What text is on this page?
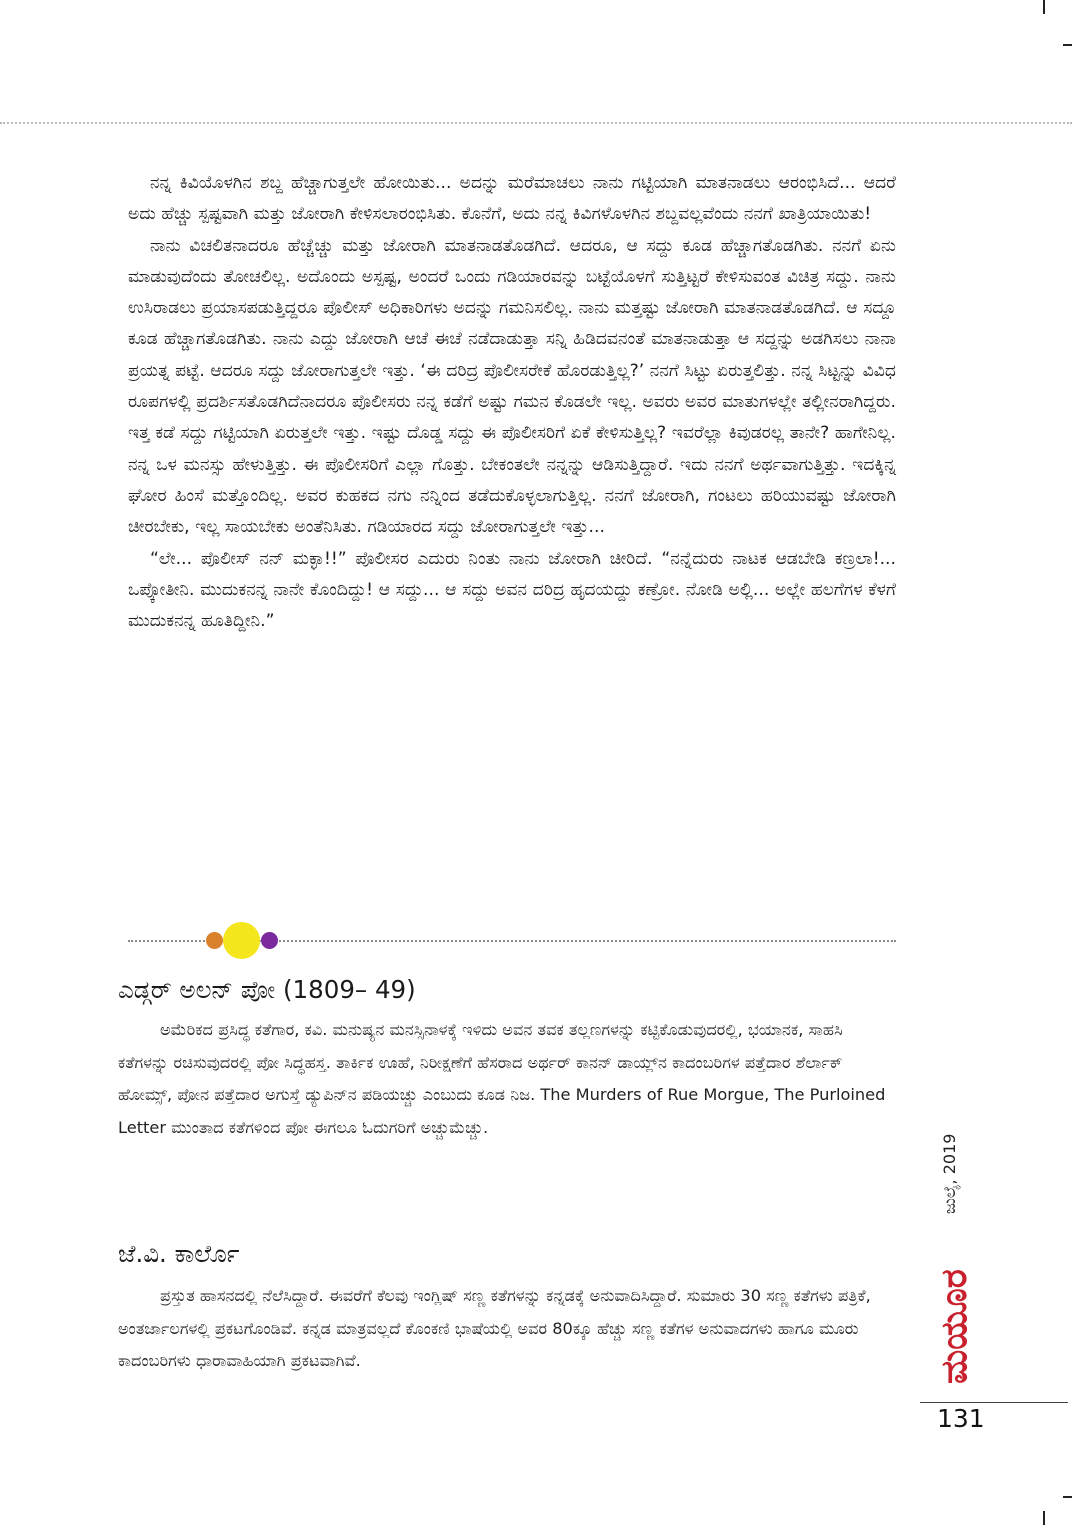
ನನ್ನ ಕಿವಿಯೊಳಗಿನ ಶಬ್ದ ಹೆಚ್ಚಾಗುತ್ತಲೇ ಹೋಯಿತು... ಅದನ್ನು ಮರೆಮಾಚಲು ನಾನು ಗಟ್ಟಿಯಾಗಿ ಮಾತನಾಡಲು ಆರಂಭಿಸಿದೆ... ಆದರೆ ಅದು ಹೆಚ್ಚು ಸ್ಪಷ್ಟವಾಗಿ ಮತ್ತು ಜೋರಾಗಿ ಕೇಳಿಸಲಾರಂಭಿಸಿತು. ಕೊನೆಗೆ, ಅದು ನನ್ನ ಕಿವಿಗಳೊಳಗಿನ ಶಬ್ದವಲ್ಲವೆಂದು ನನಗೆ ಖಾತ್ರಿಯಾಯಿತು!

ನಾನು ವಿಚಲಿತನಾದರೂ ಹೆಚ್ಚೆಚ್ಚು ಮತ್ತು ಜೋರಾಗಿ ಮಾತನಾಡತೊಡಗಿದೆ. ಆದರೂ, ಆ ಸದ್ದು ಕೂಡ ಹೆಚ್ಚಾಗತೊಡಗಿತು. ನನಗೆ ಏನು ಮಾಡುವುದೆಂದು ತೋಚಲಿಲ್ಲ. ಅದೊಂದು ಅಸ್ಪಷ್ಟ, ಅಂದರೆ ಒಂದು ಗಡಿಯಾರವನ್ನು ಬಟ್ಟೆಯೊಳಗೆ ಸುತ್ತಿಟ್ಟರೆ ಕೇಳಿಸುವಂತ ವಿಚಿತ್ರ ಸದ್ದು. ನಾನು ಉಸಿರಾಡಲು ಪ್ರಯಾಸಪಡುತ್ತಿದ್ದರೂ ಪೊಲೀಸ್ ಅಧಿಕಾರಿಗಳು ಅದನ್ನು ಗಮನಿಸಲಿಲ್ಲ. ನಾನು ಮತ್ತಷ್ಟು ಜೋರಾಗಿ ಮಾತನಾಡತೊಡಗಿದೆ. ಆ ಸದ್ದೂ ಕೂಡ ಹೆಚ್ಚಾಗತೊಡಗಿತು. ನಾನು ಎದ್ದು ಜೋರಾಗಿ ಆಚೆ ಈಚೆ ನಡೆದಾಡುತ್ತಾ ಸನ್ನಿ ಹಿಡಿದವನಂತೆ ಮಾತನಾಡುತ್ತಾ ಆ ಸದ್ದನ್ನು ಅಡಗಿಸಲು ನಾನಾ ಪ್ರಯತ್ನ ಪಟ್ಟೆ. ಆದರೂ ಸದ್ದು ಜೋರಾಗುತ್ತಲೇ ಇತ್ತು. ‘ಈ ದರಿದ್ರ ಪೊಲೀಸರೇಕೆ ಹೊರಡುತ್ತಿಲ್ಲ?’ ನನಗೆ ಸಿಟ್ಟು ಏರುತ್ತಲಿತ್ತು. ನನ್ನ ಸಿಟ್ಟನ್ನು ವಿವಿಧ ರೂಪಗಳಲ್ಲಿ ಪ್ರದರ್ಶಿಸತೊಡಗಿದೆನಾದರೂ ಪೊಲೀಸರು ನನ್ನ ಕಡೆಗೆ ಅಷ್ಟು ಗಮನ ಕೊಡಲೇ ಇಲ್ಲ. ಅವರು ಅವರ ಮಾತುಗಳಲ್ಲೇ ತಲ್ಲೀನರಾಗಿದ್ದರು. ಇತ್ತ ಕಡೆ ಸದ್ದು ಗಟ್ಟಿಯಾಗಿ ಏರುತ್ತಲೇ ಇತ್ತು. ಇಷ್ಟು ದೊಡ್ಡ ಸದ್ದು ಈ ಪೊಲೀಸರಿಗೆ ಏಕೆ ಕೇಳಿಸುತ್ತಿಲ್ಲ? ಇವರೆಲ್ಲಾ ಕಿವುಡರಲ್ಲ ತಾನೇ? ಹಾಗೇನಿಲ್ಲ. ನನ್ನ ಒಳ ಮನಸ್ಸು ಹೇಳುತ್ತಿತ್ತು. ಈ ಪೊಲೀಸರಿಗೆ ಎಲ್ಲಾ ಗೊತ್ತು. ಬೇಕಂತಲೇ ನನ್ನನ್ನು ಆಡಿಸುತ್ತಿದ್ದಾರೆ. ಇದು ನನಗೆ ಅರ್ಥವಾಗುತ್ತಿತ್ತು. ಇದಕ್ಕಿನ್ನ ಘೋರ ಹಿಂಸೆ ಮತ್ತೊಂದಿಲ್ಲ. ಅವರ ಕುಹಕದ ನಗು ನನ್ನಿಂದ ತಡೆದುಕೊಳ್ಳಲಾಗುತ್ತಿಲ್ಲ. ನನಗೆ ಜೋರಾಗಿ, ಗಂಟಲು ಹರಿಯುವಷ್ಟು ಜೋರಾಗಿ ಚೀರಬೇಕು, ಇಲ್ಲ ಸಾಯಬೇಕು ಅಂತೆನಿಸಿತು. ಗಡಿಯಾರದ ಸದ್ದು ಜೋರಾಗುತ್ತಲೇ ಇತ್ತು...

“ಲೇ... ಪೊಲೀಸ್ ನನ್ ಮಕ್ಳಾ!!” ಪೊಲೀಸರ ಎದುರು ನಿಂತು ನಾನು ಜೋರಾಗಿ ಚೀರಿದೆ. “ನನ್ನೆದುರು ನಾಟಕ ಆಡಬೇಡಿ ಕಣ್ರಲಾ!... ಒಪ್ಕೋತೀನಿ. ಮುದುಕನನ್ನ ನಾನೇ ಕೊಂದಿದ್ದು! ಆ ಸದ್ದು... ಆ ಸದ್ದು ಅವನ ದರಿದ್ರ ಹೃದಯದ್ದು ಕಣ್ರೋ. ನೋಡಿ ಅಲ್ಲಿ... ಅಲ್ಲೇ ಹಲಗೆಗಳ ಕೆಳಗೆ ಮುದುಕನನ್ನ ಹೂತಿದ್ದೀನಿ.”

ಎಡ್ಗರ್ ಅಲನ್ ಪೋ (1809– 49)

ಅಮೆರಿಕದ ಪ್ರಸಿದ್ಧ ಕತೆಗಾರ, ಕವಿ. ಮನುಷ್ಯನ ಮನಸ್ಸಿನಾಳಕ್ಕೆ ಇಳಿದು ಅವನ ತವಕ ತಲ್ಲಣಗಳನ್ನು ಕಟ್ಟಿಕೊಡುವುದರಲ್ಲಿ, ಭಯಾನಕ, ಸಾಹಸಿ ಕತೆಗಳನ್ನು ರಚಿಸುವುದರಲ್ಲಿ ಪೋ ಸಿದ್ಧಹಸ್ತ. ತಾರ್ಕಿಕ ಊಹೆ, ನಿರೀಕ್ಷಣೆಗೆ ಹೆಸರಾದ ಅರ್ಥರ್ ಕಾನನ್ ಡಾಯ್ಲ್‌ನ ಕಾದಂಬರಿಗಳ ಪತ್ತೆದಾರ ಶೆರ್ಲಾಕ್ ಹೋಮ್ಸ್, ಪೋನ ಪತ್ತೆದಾರ ಅಗುಸ್ತೆ ಡ್ಯುಪಿನ್‌ನ ಪಡಿಯಚ್ಚು ಎಂಬುದು ಕೂಡ ನಿಜ. The Murders of Rue Morgue, The Purloined Letter ಮುಂತಾದ ಕತೆಗಳಿಂದ ಪೋ ಈಗಲೂ ಓದುಗರಿಗೆ ಅಚ್ಚುಮೆಚ್ಚು.

ಜೆ.ವಿ. ಕಾರ್ಲೊ

ಪ್ರಸ್ತುತ ಹಾಸನದಲ್ಲಿ ನೆಲೆಸಿದ್ದಾರೆ. ಈವರೆಗೆ ಕೆಲವು ಇಂಗ್ಲಿಷ್ ಸಣ್ಣ ಕತೆಗಳನ್ನು ಕನ್ನಡಕ್ಕೆ ಅನುವಾದಿಸಿದ್ದಾರೆ. ಸುಮಾರು 30 ಸಣ್ಣ ಕತೆಗಳು ಪತ್ರಿಕೆ, ಅಂತರ್ಜಾಲಗಳಲ್ಲಿ ಪ್ರಕಟಗೊಂಡಿವೆ. ಕನ್ನಡ ಮಾತ್ರವಲ್ಲದೆ ಕೊಂಕಣಿ ಭಾಷೆಯಲ್ಲಿ ಅವರ 80ಕ್ಕೂ ಹೆಚ್ಚು ಸಣ್ಣ ಕತೆಗಳ ಅನುವಾದಗಳು ಹಾಗೂ ಮೂರು ಕಾದಂಬರಿಗಳು ಧಾರಾವಾಹಿಯಾಗಿ ಪ್ರಕಟವಾಗಿವೆ.

ಜುಲೈ, 2019
ಮಯೂರ
131
